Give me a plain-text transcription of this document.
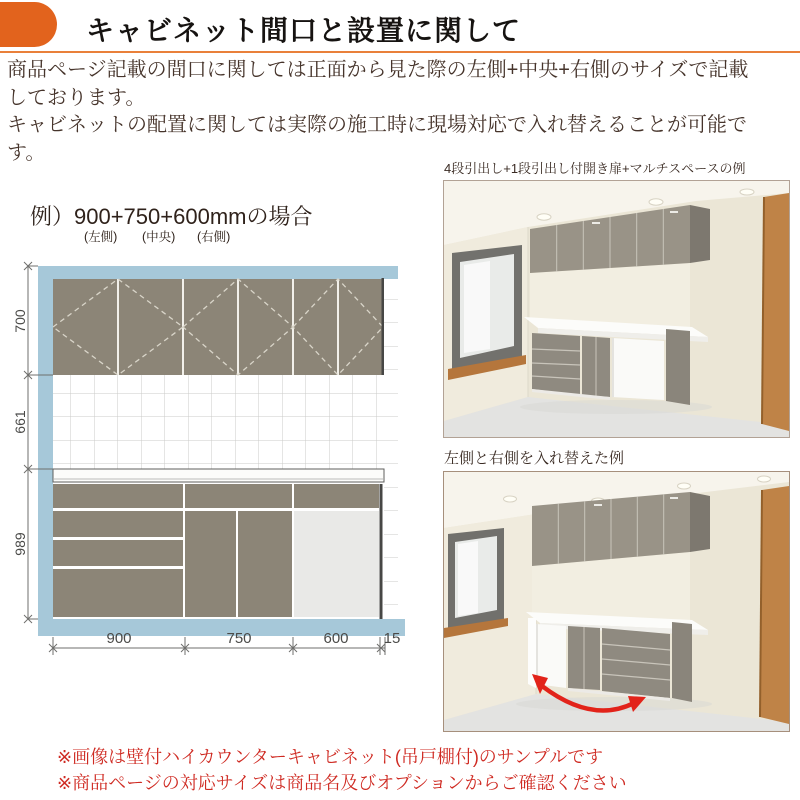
キャビネット間口と設置に関して

商品ページ記載の間口に関しては正面から見た際の左側+中央+右側のサイズで記載しております。

キャビネットの配置に関しては実際の施工時に現場対応で入れ替えることが可能です。

例）900+750+600mmの場合
(左側) (中央) (右側)
700
661
989
900	750	600 15
4段引出し+1段引出し付開き扉+マルチスペースの例
左側と右側を入れ替えた例

※画像は壁付ハイカウンターキャビネット(吊戸棚付)のサンプルです

※商品ページの対応サイズは商品名及びオプションからご確認ください
